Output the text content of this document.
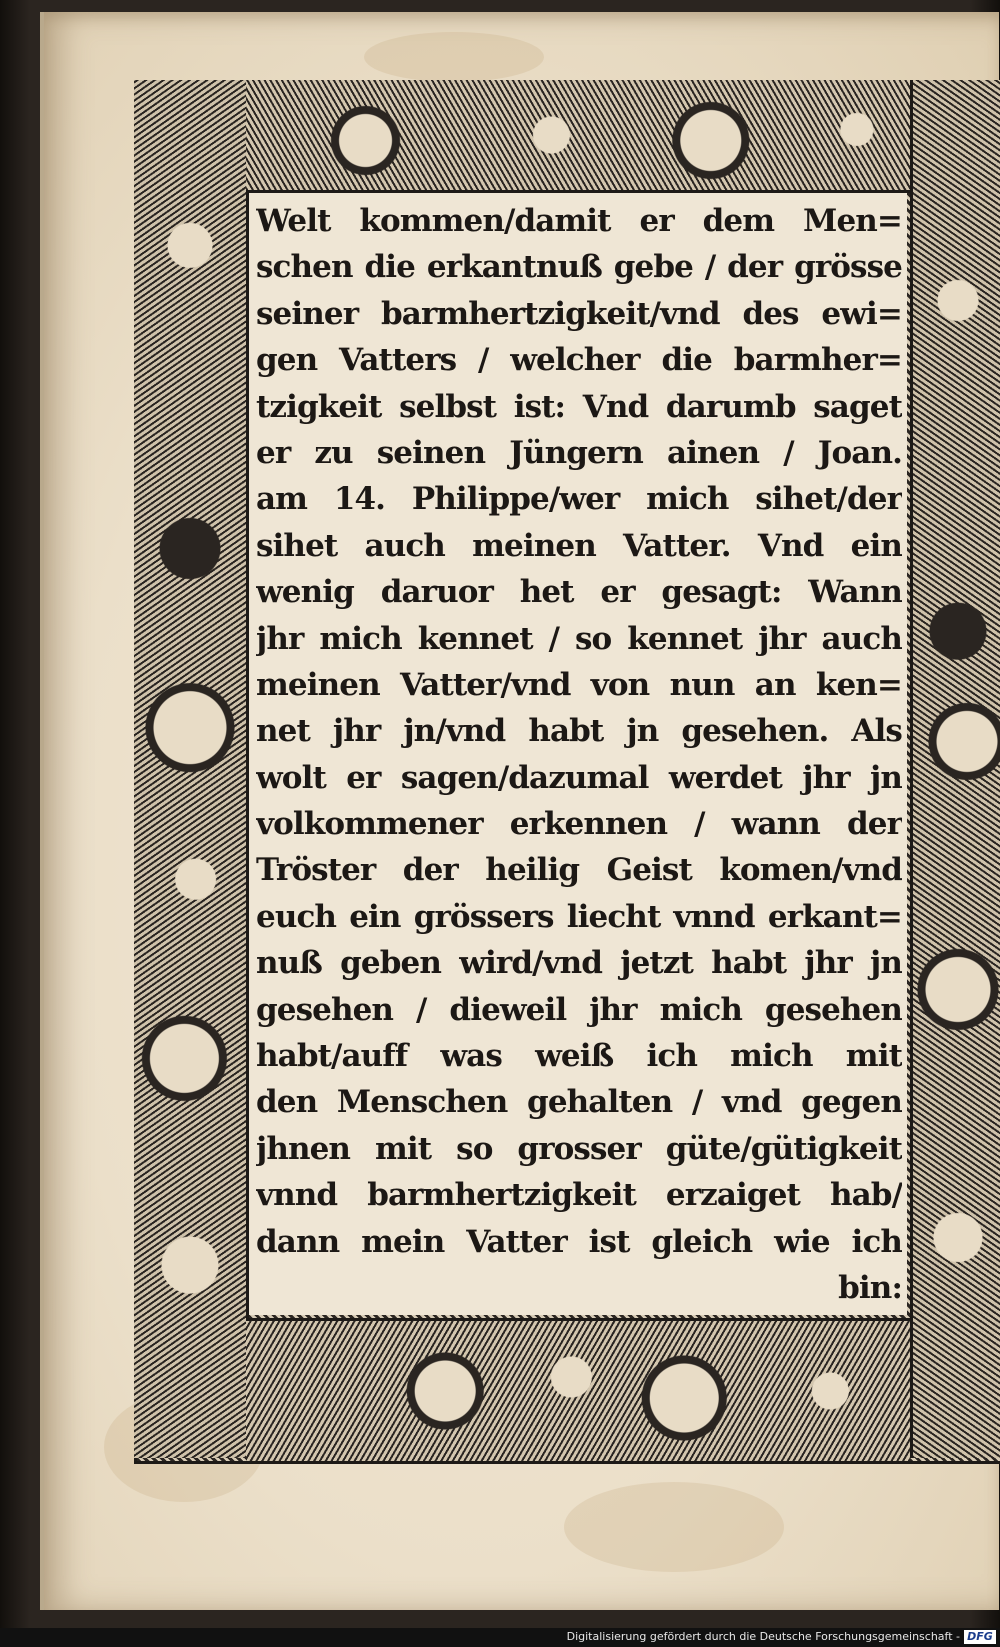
Welt kommen/damit er dem Men=
schen die erkantnuß gebe / der grösse
seiner barmhertzigkeit/vnd des ewi=
gen Vatters / welcher die barmher=
tzigkeit selbst ist: Vnd darumb saget
er zu seinen Jüngern ainen / Joan.
am 14. Philippe/wer mich sihet/der
sihet auch meinen Vatter. Vnd ein
wenig daruor het er gesagt: Wann
jhr mich kennet / so kennet jhr auch
meinen Vatter/vnd von nun an ken=
net jhr jn/vnd habt jn gesehen. Als
wolt er sagen/dazumal werdet jhr jn
volkommener erkennen / wann der
Tröster der heilig Geist komen/vnd
euch ein grössers liecht vnnd erkant=
nuß geben wird/vnd jetzt habt jhr jn
gesehen / dieweil jhr mich gesehen
habt/auff was weiß ich mich mit
den Menschen gehalten / vnd gegen
jhnen mit so grosser güte/gütigkeit
vnnd barmhertzigkeit erzaiget hab/
dann mein Vatter ist gleich wie ich
bin:
Digitalisierung gefördert durch die Deutsche Forschungsgemeinschaft - DFG
